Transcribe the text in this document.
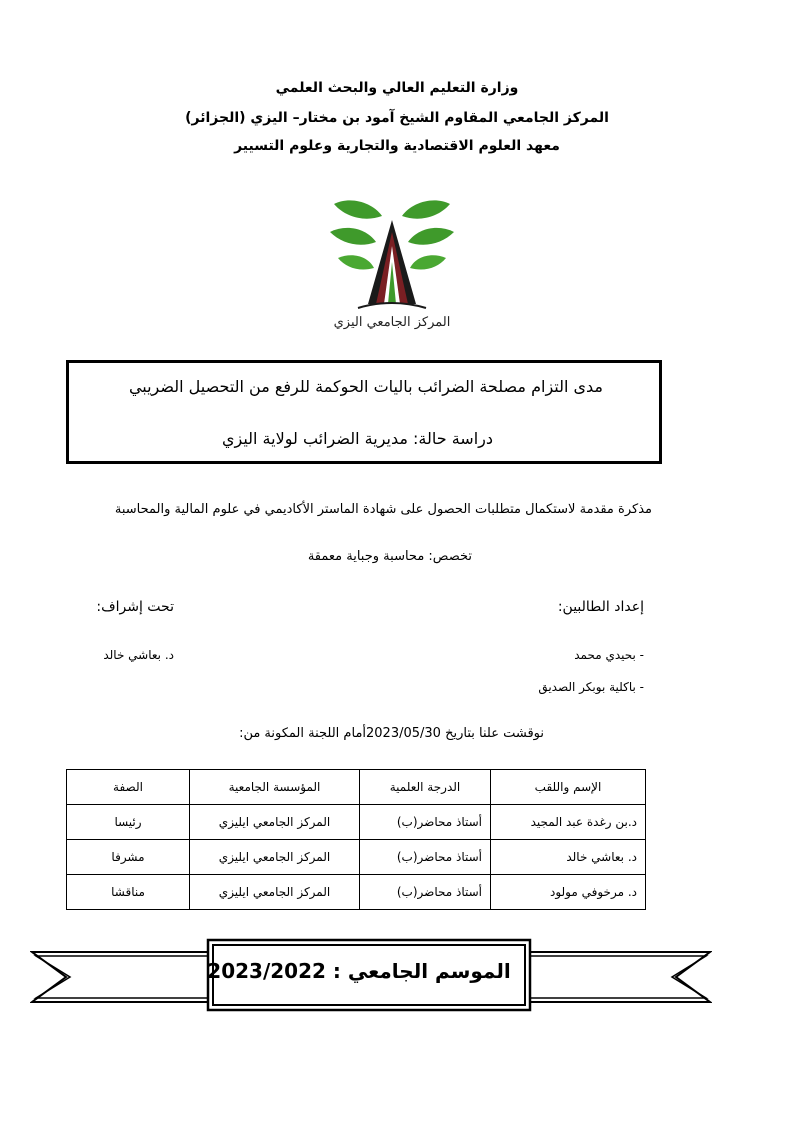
وزارة التعليم العالي والبحث العلمي
المركز الجامعي المقاوم الشيخ آمود بن مختار– اليزي (الجزائر)
معهد العلوم الاقتصادية والتجارية وعلوم التسيير
المركز الجامعي اليزي
مدى التزام مصلحة الضرائب باليات الحوكمة للرفع من التحصيل الضريبي
دراسة حالة: مديرية الضرائب لولاية اليزي
مذكرة مقدمة لاستكمال متطلبات الحصول على شهادة الماستر الأكاديمي في علوم المالية والمحاسبة
تخصص: محاسبة وجباية معمقة
إعداد الطالبين:
تحت إشراف:
- بحيدي محمد
- باكلية بوبكر الصديق
د. بعاشي خالد
نوقشت علنا بتاريخ 2023/05/30أمام اللجنة المكونة من:
الإسم واللقب	الدرجة العلمية	المؤسسة الجامعية	الصفة
د.بن رغدة عبد المجيد	أستاذ محاضر(ب)	المركز الجامعي ايليزي	رئيسا
د. بعاشي خالد	أستاذ محاضر(ب)	المركز الجامعي ايليزي	مشرفا
د. مرخوفي مولود	أستاذ محاضر(ب)	المركز الجامعي ايليزي	مناقشا
الموسم الجامعي : 2023/2022
